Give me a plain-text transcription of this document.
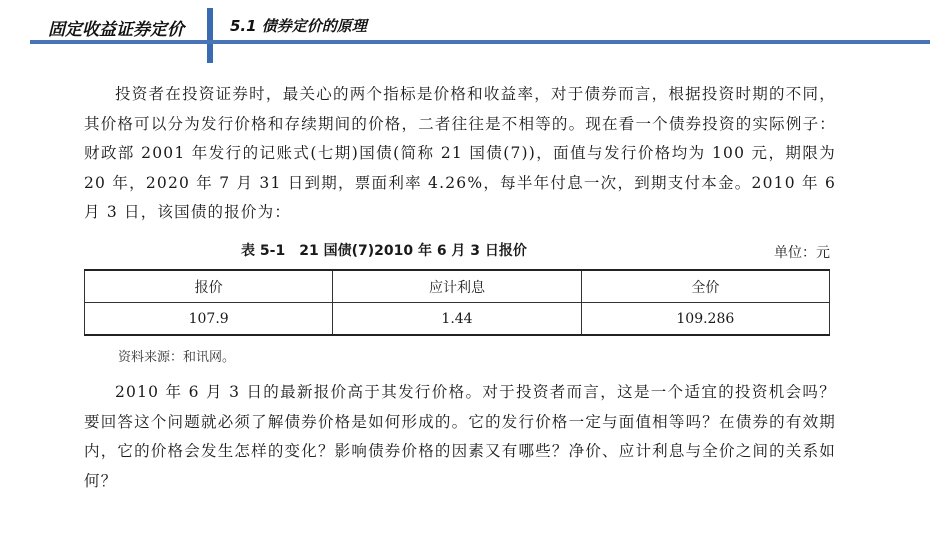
固定收益证券定价	5.1 债券定价的原理

投资者在投资证券时，最关心的两个指标是价格和收益率，对于债券而言，根据投资时期的不同，其价格可以分为发行价格和存续期间的价格，二者往往是不相等的。现在看一个债券投资的实际例子：财政部 2001 年发行的记账式(七期)国债(简称 21 国债(7))，面值与发行价格均为 100 元，期限为 20 年，2020 年 7 月 31 日到期，票面利率 4.26%，每半年付息一次，到期支付本金。2010 年 6 月 3 日，该国债的报价为：

表 5-1　21 国债(7)2010 年 6 月 3 日报价	单位：元
报价	应计利息	全价
107.9	1.44	109.286
资料来源：和讯网。

2010 年 6 月 3 日的最新报价高于其发行价格。对于投资者而言，这是一个适宜的投资机会吗？要回答这个问题就必须了解债券价格是如何形成的。它的发行价格一定与面值相等吗？在债券的有效期内，它的价格会发生怎样的变化？影响债券价格的因素又有哪些？净价、应计利息与全价之间的关系如何？
